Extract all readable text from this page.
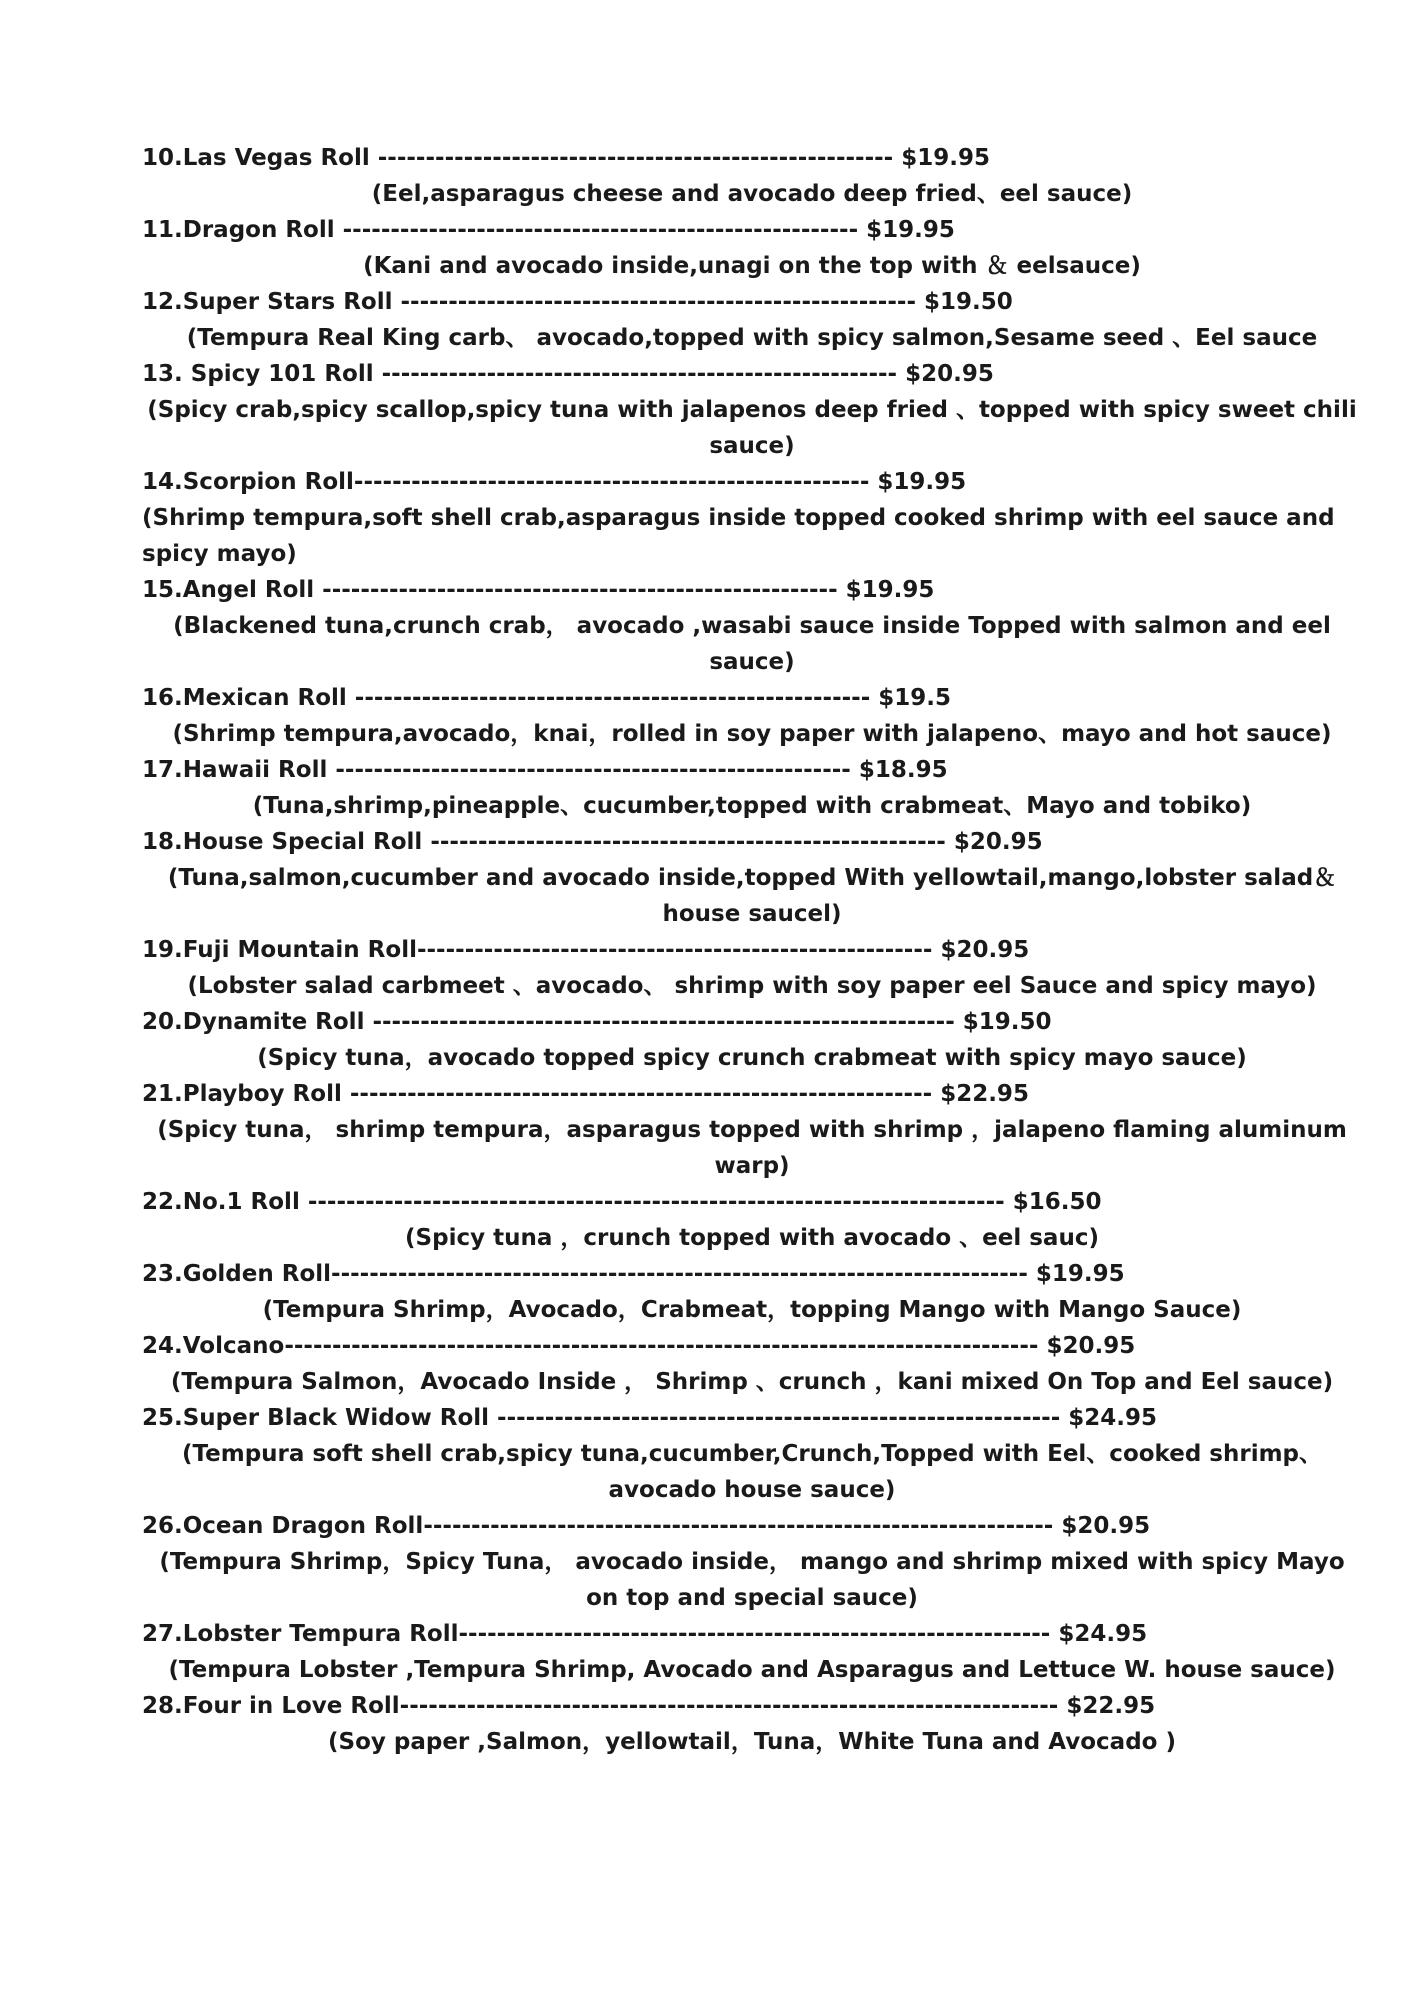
10.Las Vegas Roll ------------------------------------------------------ $19.95
(Eel,asparagus cheese and avocado deep fried、eel sauce)
11.Dragon Roll ------------------------------------------------------ $19.95
(Kani and avocado inside,unagi on the top with ＆ eelsauce)
12.Super Stars Roll ------------------------------------------------------ $19.50
(Tempura Real King carb、 avocado,topped with spicy salmon,Sesame seed 、Eel sauce
13. Spicy 101 Roll ------------------------------------------------------ $20.95
(Spicy crab,spicy scallop,spicy tuna with jalapenos deep fried 、topped with spicy sweet chili sauce)
14.Scorpion Roll------------------------------------------------------ $19.95
(Shrimp tempura,soft shell crab,asparagus inside topped cooked shrimp with eel sauce and spicy mayo)
15.Angel Roll ------------------------------------------------------ $19.95
(Blackened tuna,crunch crab， avocado ,wasabi sauce inside Topped with salmon and eel sauce)
16.Mexican Roll ------------------------------------------------------ $19.5
(Shrimp tempura,avocado，knai，rolled in soy paper with jalapeno、mayo and hot sauce)
17.Hawaii Roll ------------------------------------------------------ $18.95
(Tuna,shrimp,pineapple、cucumber,topped with crabmeat、Mayo and tobiko)
18.House Special Roll ------------------------------------------------------ $20.95
(Tuna,salmon,cucumber and avocado inside,topped With yellowtail,mango,lobster salad＆house saucel)
19.Fuji Mountain Roll------------------------------------------------------ $20.95
(Lobster salad carbmeet 、avocado、 shrimp with soy paper eel Sauce and spicy mayo)
20.Dynamite Roll ------------------------------------------------------------- $19.50
(Spicy tuna，avocado topped spicy crunch crabmeat with spicy mayo sauce)
21.Playboy Roll ------------------------------------------------------------- $22.95
(Spicy tuna， shrimp tempura，asparagus topped with shrimp ，jalapeno flaming aluminum warp)
22.No.1 Roll ------------------------------------------------------------------------- $16.50
(Spicy tuna ，crunch topped with avocado 、eel sauc)
23.Golden Roll------------------------------------------------------------------------- $19.95
(Tempura Shrimp，Avocado，Crabmeat，topping Mango with Mango Sauce)
24.Volcano------------------------------------------------------------------------------- $20.95
(Tempura Salmon，Avocado Inside ， Shrimp 、crunch ，kani mixed On Top and Eel sauce)
25.Super Black Widow Roll ----------------------------------------------------------- $24.95
(Tempura soft shell crab,spicy tuna,cucumber,Crunch,Topped with Eel、cooked shrimp、avocado house sauce)
26.Ocean Dragon Roll------------------------------------------------------------------ $20.95
(Tempura Shrimp，Spicy Tuna， avocado inside， mango and shrimp mixed with spicy Mayo on top and special sauce)
27.Lobster Tempura Roll-------------------------------------------------------------- $24.95
(Tempura Lobster ,Tempura Shrimp, Avocado and Asparagus and Lettuce W. house sauce)
28.Four in Love Roll--------------------------------------------------------------------- $22.95
(Soy paper ,Salmon，yellowtail，Tuna，White Tuna and Avocado )
